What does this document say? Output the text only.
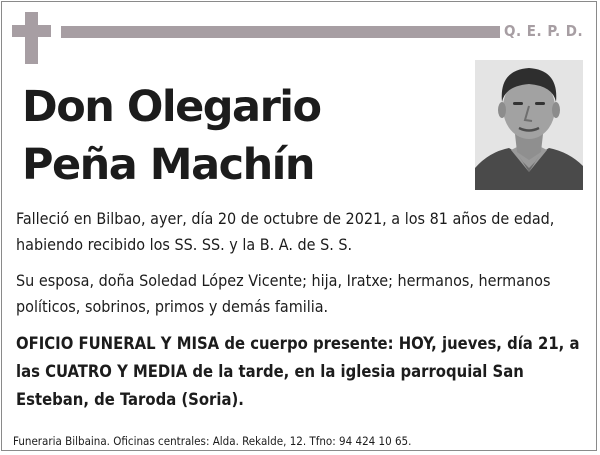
Q. E. P. D.
Don Olegario
Peña Machín

Falleció en Bilbao, ayer, día 20 de octubre de 2021, a los 81 años de edad, habiendo recibido los SS. SS. y la B. A. de S. S.

Su esposa, doña Soledad López Vicente; hija, Iratxe; hermanos, hermanos políticos, sobrinos, primos y demás familia.

OFICIO FUNERAL Y MISA de cuerpo presente: HOY, jueves, día 21, a las CUATRO Y MEDIA de la tarde, en la iglesia parroquial San Esteban, de Taroda (Soria).

Funeraria Bilbaina. Oficinas centrales: Alda. Rekalde, 12. Tfno: 94 424 10 65.
